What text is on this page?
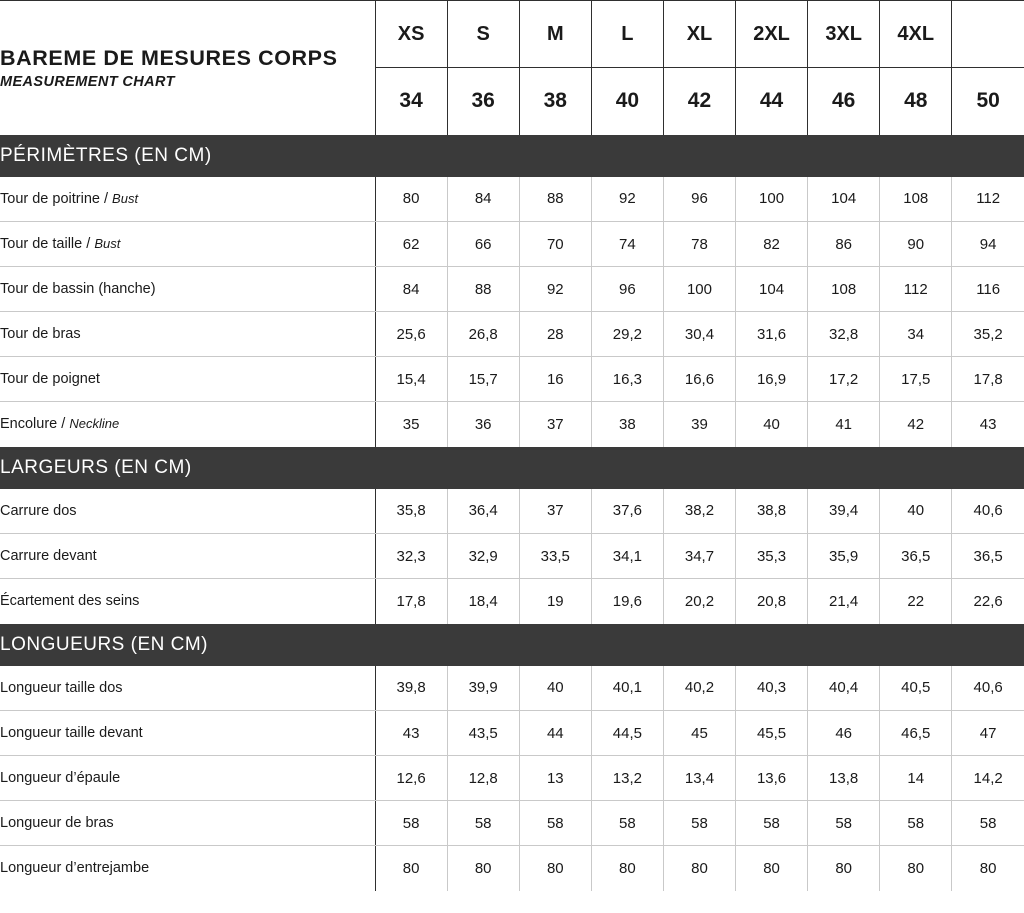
BAREME DE MESURES CORPS
MEASUREMENT CHART	XS	S	M	L	XL	2XL	3XL	4XL	
	34	36	38	40	42	44	46	48	50
PÉRIMÈTRES (EN CM)									
Tour de poitrine / Bust	80	84	88	92	96	100	104	108	112
Tour de taille / Bust	62	66	70	74	78	82	86	90	94
Tour de bassin (hanche)	84	88	92	96	100	104	108	112	116
Tour de bras	25,6	26,8	28	29,2	30,4	31,6	32,8	34	35,2
Tour de poignet	15,4	15,7	16	16,3	16,6	16,9	17,2	17,5	17,8
Encolure / Neckline	35	36	37	38	39	40	41	42	43
LARGEURS (EN CM)									
Carrure dos	35,8	36,4	37	37,6	38,2	38,8	39,4	40	40,6
Carrure devant	32,3	32,9	33,5	34,1	34,7	35,3	35,9	36,5	36,5
Écartement des seins	17,8	18,4	19	19,6	20,2	20,8	21,4	22	22,6
LONGUEURS (EN CM)									
Longueur taille dos	39,8	39,9	40	40,1	40,2	40,3	40,4	40,5	40,6
Longueur taille devant	43	43,5	44	44,5	45	45,5	46	46,5	47
Longueur d’épaule	12,6	12,8	13	13,2	13,4	13,6	13,8	14	14,2
Longueur de bras	58	58	58	58	58	58	58	58	58
Longueur d’entrejambe	80	80	80	80	80	80	80	80	80
